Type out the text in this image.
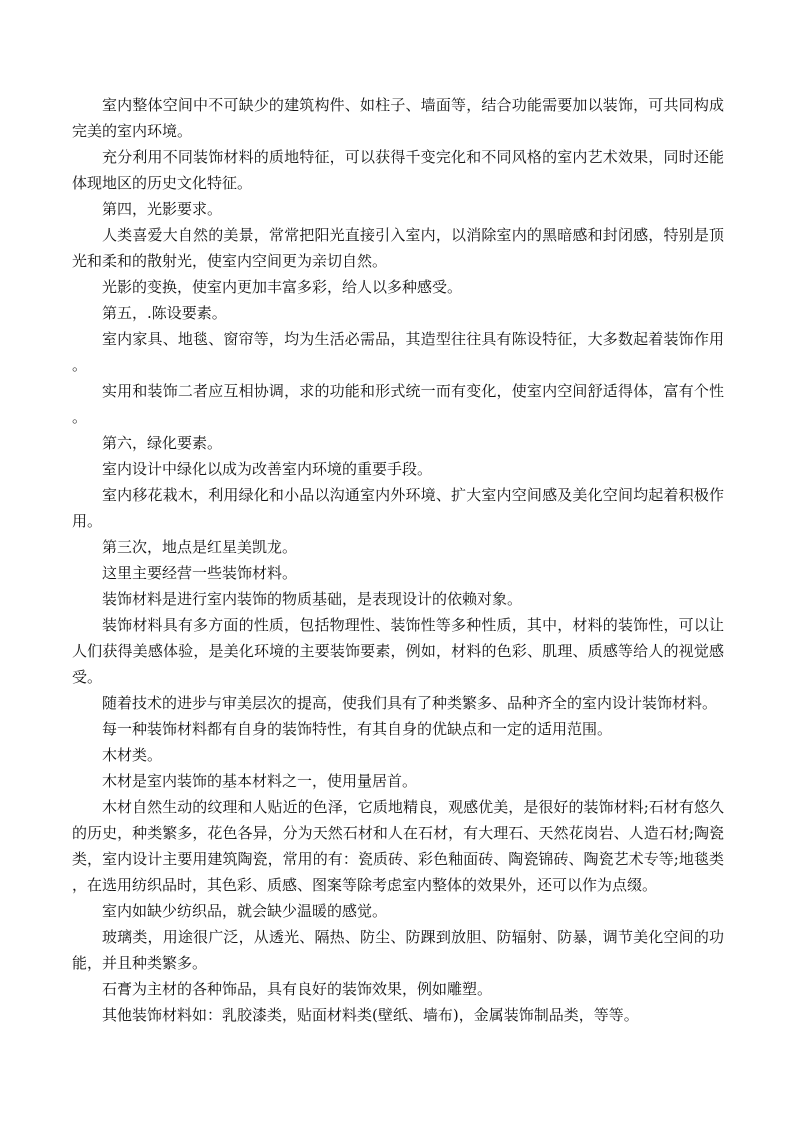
室内整体空间中不可缺少的建筑构件、如柱子、墙面等，结合功能需要加以装饰，可共同构成完美的室内环境。

充分利用不同装饰材料的质地特征，可以获得千变完化和不同风格的室内艺术效果，同时还能体现地区的历史文化特征。

第四，光影要求。

人类喜爱大自然的美景，常常把阳光直接引入室内，以消除室内的黑暗感和封闭感，特别是顶光和柔和的散射光，使室内空间更为亲切自然。

光影的变换，使室内更加丰富多彩，给人以多种感受。

第五，.陈设要素。

室内家具、地毯、窗帘等，均为生活必需品，其造型往往具有陈设特征，大多数起着装饰作用。

实用和装饰二者应互相协调，求的功能和形式统一而有变化，使室内空间舒适得体，富有个性。

第六，绿化要素。

室内设计中绿化以成为改善室内环境的重要手段。

室内移花栽木，利用绿化和小品以沟通室内外环境、扩大室内空间感及美化空间均起着积极作用。

第三次，地点是红星美凯龙。

这里主要经营一些装饰材料。

装饰材料是进行室内装饰的物质基础，是表现设计的依赖对象。

装饰材料具有多方面的性质，包括物理性、装饰性等多种性质，其中，材料的装饰性，可以让人们获得美感体验，是美化环境的主要装饰要素，例如，材料的色彩、肌理、质感等给人的视觉感受。

随着技术的进步与审美层次的提高，使我们具有了种类繁多、品种齐全的室内设计装饰材料。

每一种装饰材料都有自身的装饰特性，有其自身的优缺点和一定的适用范围。

木材类。

木材是室内装饰的基本材料之一，使用量居首。

木材自然生动的纹理和人贴近的色泽，它质地精良，观感优美，是很好的装饰材料;石材有悠久的历史，种类繁多，花色各异，分为天然石材和人在石材，有大理石、天然花岗岩、人造石材;陶瓷类，室内设计主要用建筑陶瓷，常用的有：瓷质砖、彩色釉面砖、陶瓷锦砖、陶瓷艺术专等;地毯类，在选用纺织品时，其色彩、质感、图案等除考虑室内整体的效果外，还可以作为点缀。

室内如缺少纺织品，就会缺少温暖的感觉。

玻璃类，用途很广泛，从透光、隔热、防尘、防踝到放胆、防辐射、防暴，调节美化空间的功能，并且种类繁多。

石膏为主材的各种饰品，具有良好的装饰效果，例如雕塑。

其他装饰材料如：乳胶漆类，贴面材料类(壁纸、墙布)，金属装饰制品类，等等。
